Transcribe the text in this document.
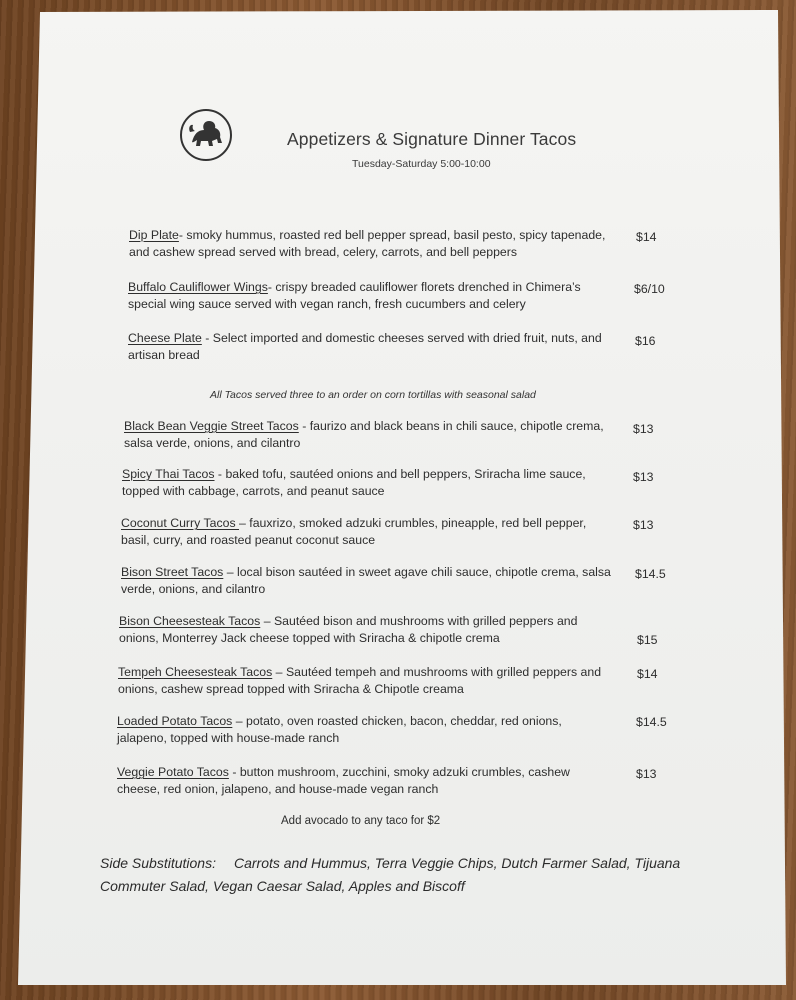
Appetizers & Signature Dinner Tacos
Tuesday-Saturday 5:00-10:00
Dip Plate- smoky hummus, roasted red bell pepper spread, basil pesto, spicy tapenade, and cashew spread served with bread, celery, carrots, and bell peppers
$14
Buffalo Cauliflower Wings- crispy breaded cauliflower florets drenched in Chimera’s special wing sauce served with vegan ranch, fresh cucumbers and celery
$6/10
Cheese Plate - Select imported and domestic cheeses served with dried fruit, nuts, and artisan bread
$16
All Tacos served three to an order on corn tortillas with seasonal salad
Black Bean Veggie Street Tacos - faurizo and black beans in chili sauce, chipotle crema, salsa verde, onions, and cilantro
$13
Spicy Thai Tacos - baked tofu, sautéed onions and bell peppers, Sriracha lime sauce, topped with cabbage, carrots, and peanut sauce
$13
Coconut Curry Tacos – fauxrizo, smoked adzuki crumbles, pineapple, red bell pepper, basil, curry, and roasted peanut coconut sauce
$13
Bison Street Tacos – local bison sautéed in sweet agave chili sauce, chipotle crema, salsa verde, onions, and cilantro
$14.5
Bison Cheesesteak Tacos – Sautéed bison and mushrooms with grilled peppers and onions, Monterrey Jack cheese topped with Sriracha & chipotle crema	$15
Tempeh Cheesesteak Tacos – Sautéed tempeh and mushrooms with grilled peppers and onions, cashew spread topped with Sriracha & Chipotle creama
$14
Loaded Potato Tacos – potato, oven roasted chicken, bacon, cheddar, red onions, jalapeno, topped with house-made ranch
$14.5
Veggie Potato Tacos - button mushroom, zucchini, smoky adzuki crumbles, cashew cheese, red onion, jalapeno, and house-made vegan ranch
$13
Add avocado to any taco for $2
Side Substitutions: Carrots and Hummus, Terra Veggie Chips, Dutch Farmer Salad, Tijuana Commuter Salad, Vegan Caesar Salad, Apples and Biscoff
